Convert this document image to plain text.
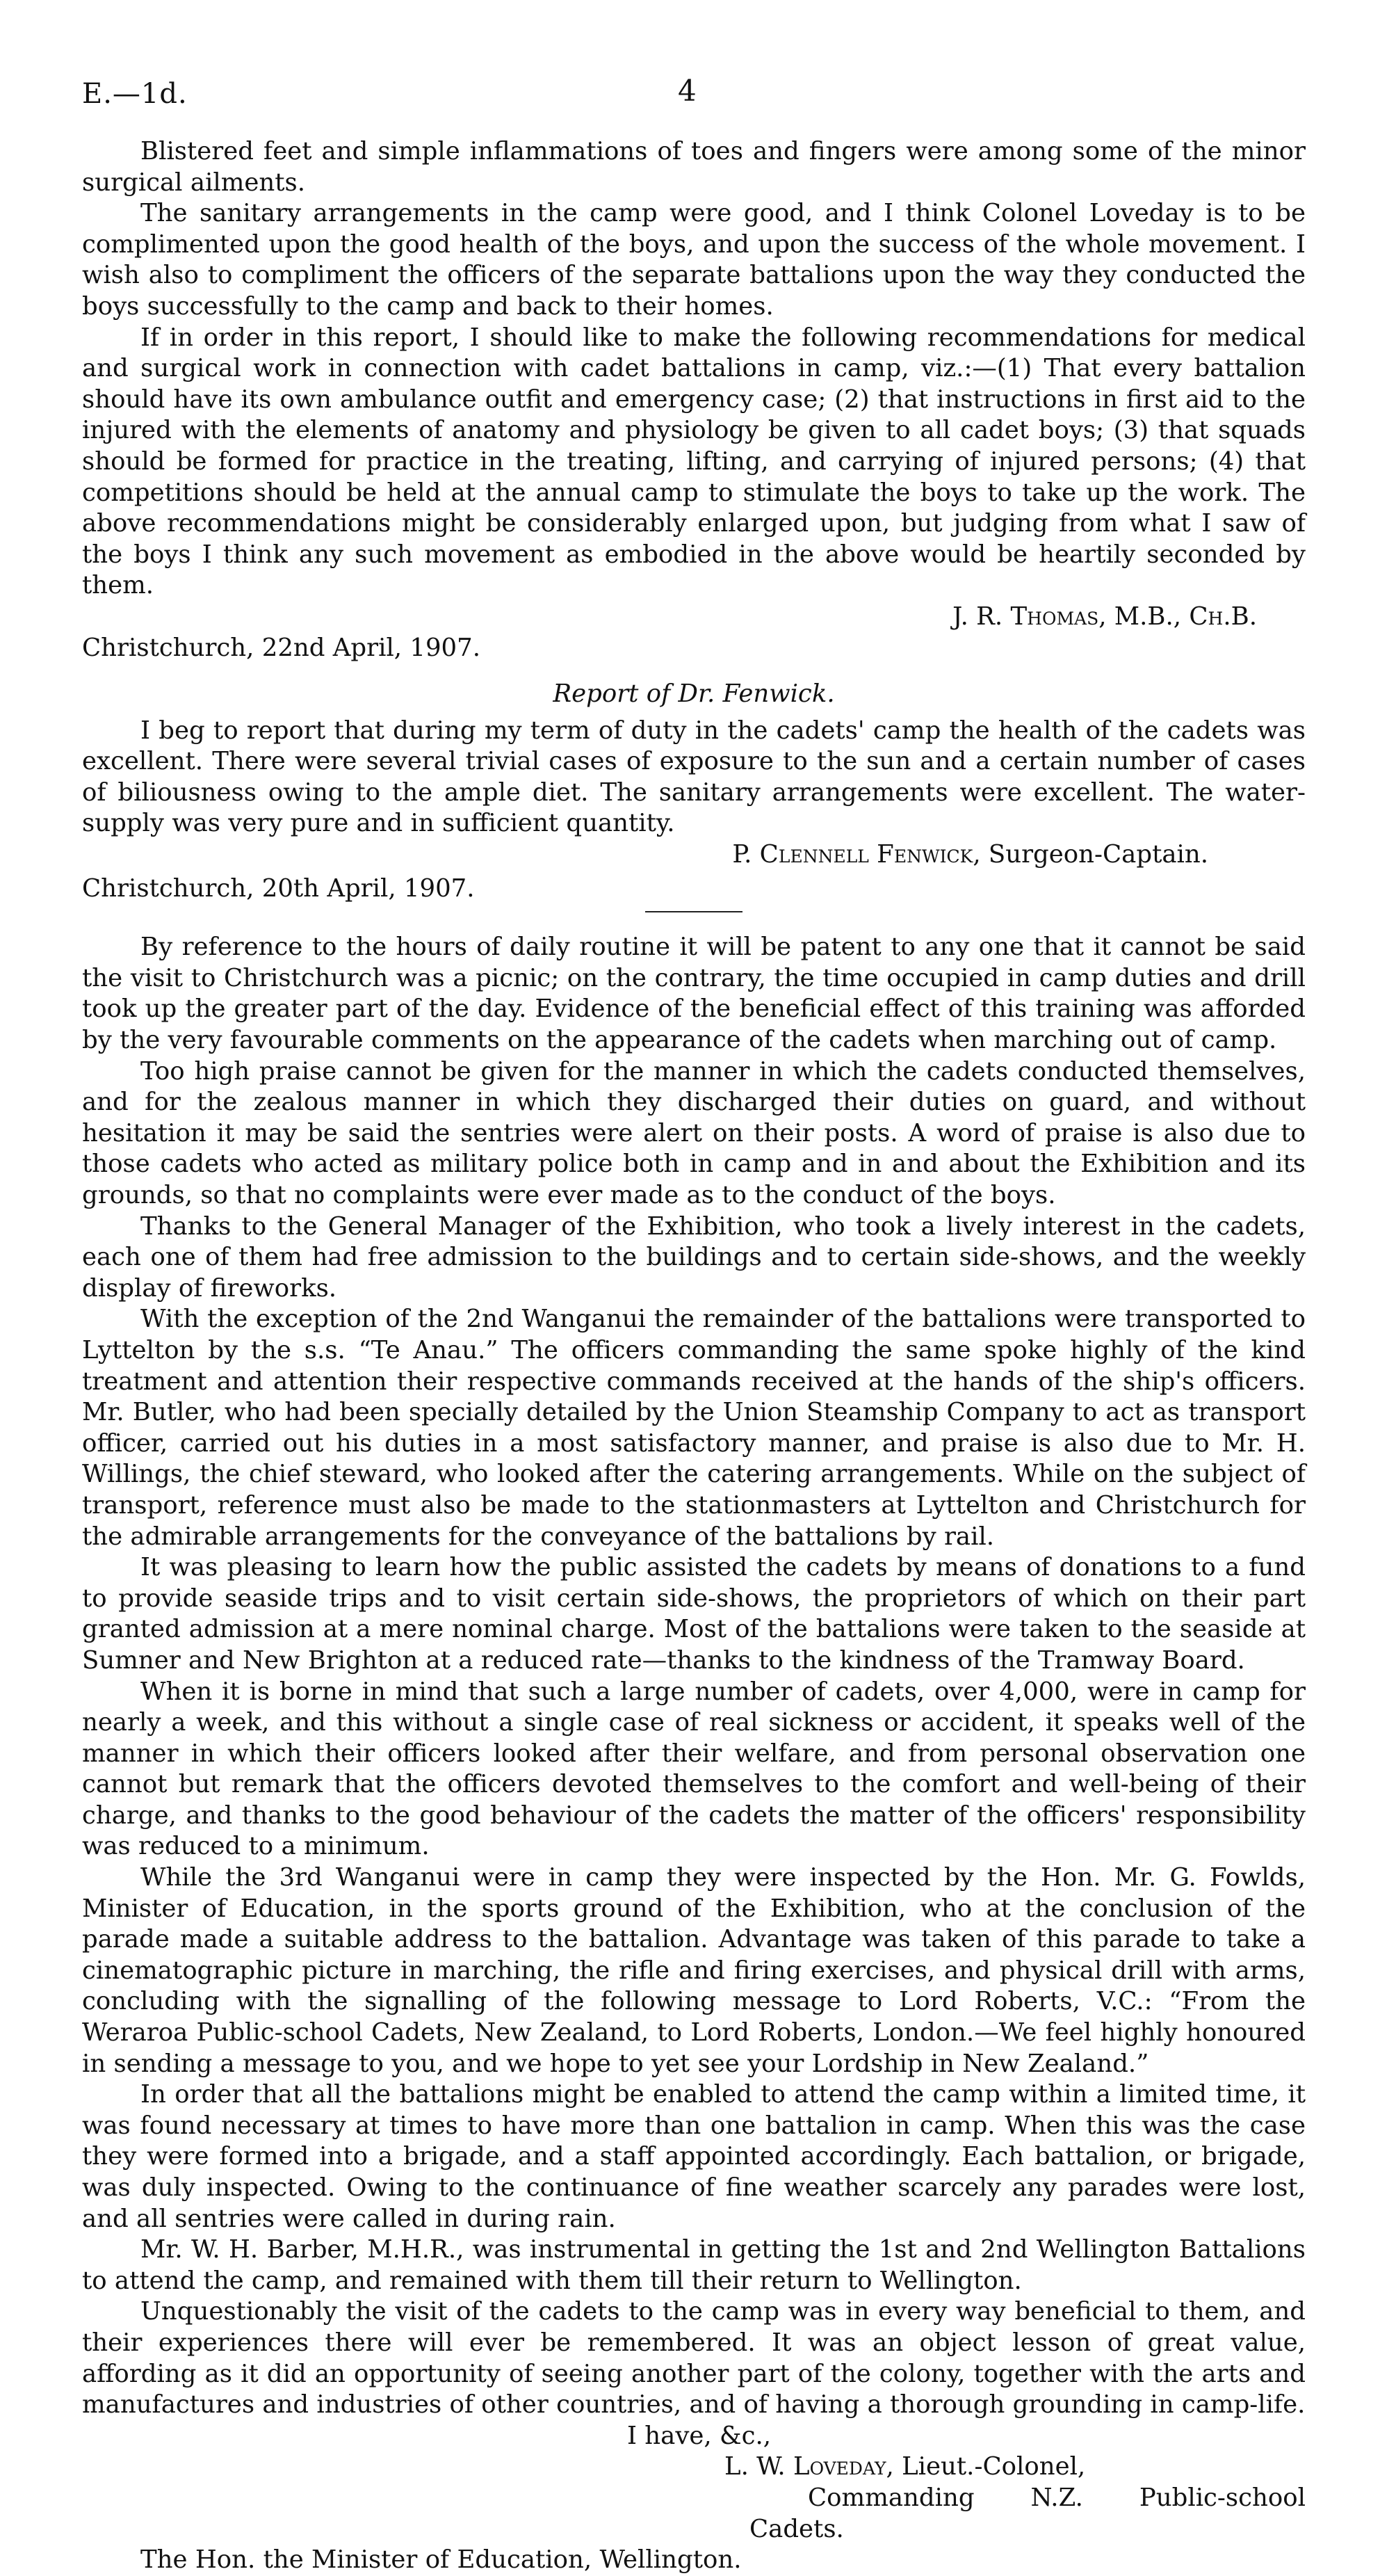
E.—1d.	4

Blistered feet and simple inflammations of toes and fingers were among some of the minor surgical ailments.

The sanitary arrangements in the camp were good, and I think Colonel Loveday is to be complimented upon the good health of the boys, and upon the success of the whole movement. I wish also to compliment the officers of the separate battalions upon the way they conducted the boys successfully to the camp and back to their homes.

If in order in this report, I should like to make the following recommendations for medical and surgical work in connection with cadet battalions in camp, viz.:—(1) That every battalion should have its own ambulance outfit and emergency case; (2) that instructions in first aid to the injured with the elements of anatomy and physiology be given to all cadet boys; (3) that squads should be formed for practice in the treating, lifting, and carrying of injured persons; (4) that competitions should be held at the annual camp to stimulate the boys to take up the work. The above recommendations might be considerably enlarged upon, but judging from what I saw of the boys I think any such movement as embodied in the above would be heartily seconded by them.

J. R. Thomas, M.B., Ch.B.

Christchurch, 22nd April, 1907.

Report of Dr. Fenwick.

I beg to report that during my term of duty in the cadets' camp the health of the cadets was excellent. There were several trivial cases of exposure to the sun and a certain number of cases of biliousness owing to the ample diet. The sanitary arrangements were excellent. The water-supply was very pure and in sufficient quantity.

P. Clennell Fenwick, Surgeon-Captain.

Christchurch, 20th April, 1907.

By reference to the hours of daily routine it will be patent to any one that it cannot be said the visit to Christchurch was a picnic; on the contrary, the time occupied in camp duties and drill took up the greater part of the day. Evidence of the beneficial effect of this training was afforded by the very favourable comments on the appearance of the cadets when marching out of camp.

Too high praise cannot be given for the manner in which the cadets conducted themselves, and for the zealous manner in which they discharged their duties on guard, and without hesitation it may be said the sentries were alert on their posts. A word of praise is also due to those cadets who acted as military police both in camp and in and about the Exhibition and its grounds, so that no complaints were ever made as to the conduct of the boys.

Thanks to the General Manager of the Exhibition, who took a lively interest in the cadets, each one of them had free admission to the buildings and to certain side-shows, and the weekly display of fireworks.

With the exception of the 2nd Wanganui the remainder of the battalions were transported to Lyttelton by the s.s. “Te Anau.” The officers commanding the same spoke highly of the kind treatment and attention their respective commands received at the hands of the ship's officers. Mr. Butler, who had been specially detailed by the Union Steamship Company to act as transport officer, carried out his duties in a most satisfactory manner, and praise is also due to Mr. H. Willings, the chief steward, who looked after the catering arrangements. While on the subject of transport, reference must also be made to the stationmasters at Lyttelton and Christchurch for the admirable arrangements for the conveyance of the battalions by rail.

It was pleasing to learn how the public assisted the cadets by means of donations to a fund to provide seaside trips and to visit certain side-shows, the proprietors of which on their part granted admission at a mere nominal charge. Most of the battalions were taken to the seaside at Sumner and New Brighton at a reduced rate—thanks to the kindness of the Tramway Board.

When it is borne in mind that such a large number of cadets, over 4,000, were in camp for nearly a week, and this without a single case of real sickness or accident, it speaks well of the manner in which their officers looked after their welfare, and from personal observation one cannot but remark that the officers devoted themselves to the comfort and well-being of their charge, and thanks to the good behaviour of the cadets the matter of the officers' responsibility was reduced to a minimum.

While the 3rd Wanganui were in camp they were inspected by the Hon. Mr. G. Fowlds, Minister of Education, in the sports ground of the Exhibition, who at the conclusion of the parade made a suitable address to the battalion. Advantage was taken of this parade to take a cinematographic picture in marching, the rifle and firing exercises, and physical drill with arms, concluding with the signalling of the following message to Lord Roberts, V.C.: “From the Weraroa Public-school Cadets, New Zealand, to Lord Roberts, London.—We feel highly honoured in sending a message to you, and we hope to yet see your Lordship in New Zealand.”

In order that all the battalions might be enabled to attend the camp within a limited time, it was found necessary at times to have more than one battalion in camp. When this was the case they were formed into a brigade, and a staff appointed accordingly. Each battalion, or brigade, was duly inspected. Owing to the continuance of fine weather scarcely any parades were lost, and all sentries were called in during rain.

Mr. W. H. Barber, M.H.R., was instrumental in getting the 1st and 2nd Wellington Battalions to attend the camp, and remained with them till their return to Wellington.

Unquestionably the visit of the cadets to the camp was in every way beneficial to them, and their experiences there will ever be remembered. It was an object lesson of great value, affording as it did an opportunity of seeing another part of the colony, together with the arts and manufactures and industries of other countries, and of having a thorough grounding in camp-life.

I have, &c.,

L. W. Loveday, Lieut.-Colonel,

Commanding N.Z. Public-school Cadets.

The Hon. the Minister of Education, Wellington.
